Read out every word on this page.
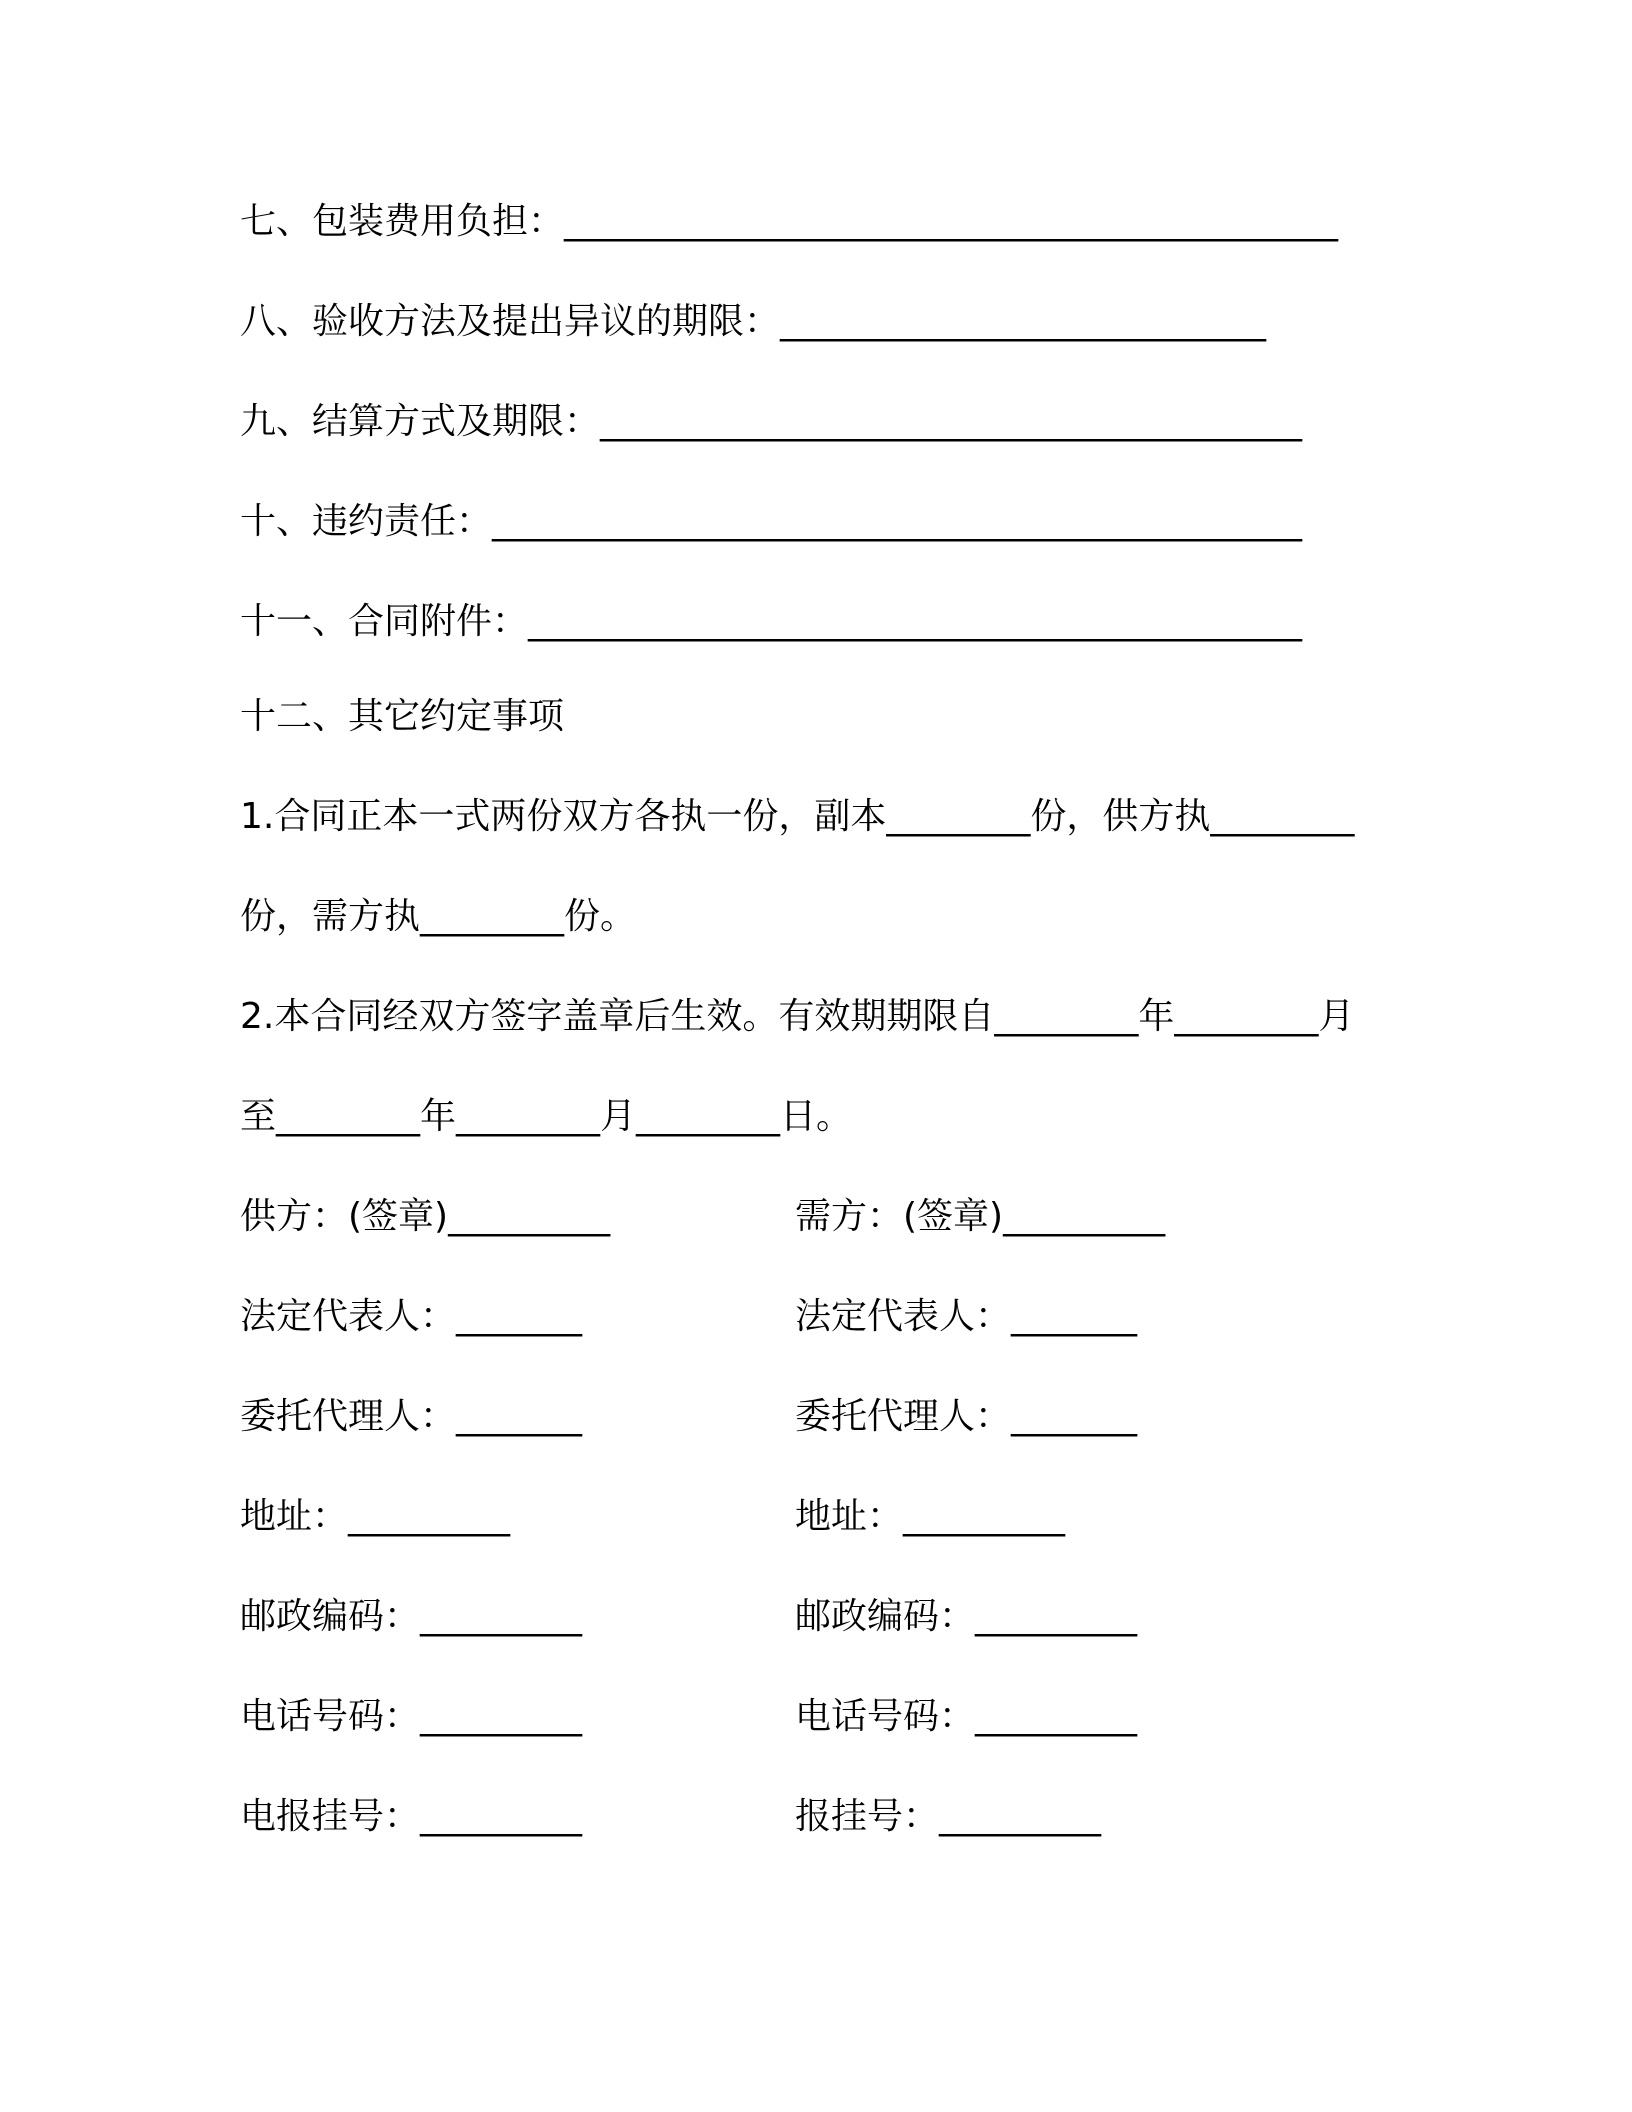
七、包装费用负担：___________________________________________
八、验收方法及提出异议的期限：___________________________
九、结算方式及期限：_______________________________________
十、违约责任：_____________________________________________
十一、合同附件：___________________________________________
十二、其它约定事项
1.合同正本一式两份双方各执一份，副本________份，供方执________
份，需方执________份。
2.本合同经双方签字盖章后生效。有效期期限自________年________月
至________年________月________日。
供方：(签章)_________
法定代表人：_______
委托代理人：_______
地址：_________
邮政编码：_________
电话号码：_________
电报挂号：_________
需方：(签章)_________
法定代表人：_______
委托代理人：_______
地址：_________
邮政编码：_________
电话号码：_________
报挂号：_________
